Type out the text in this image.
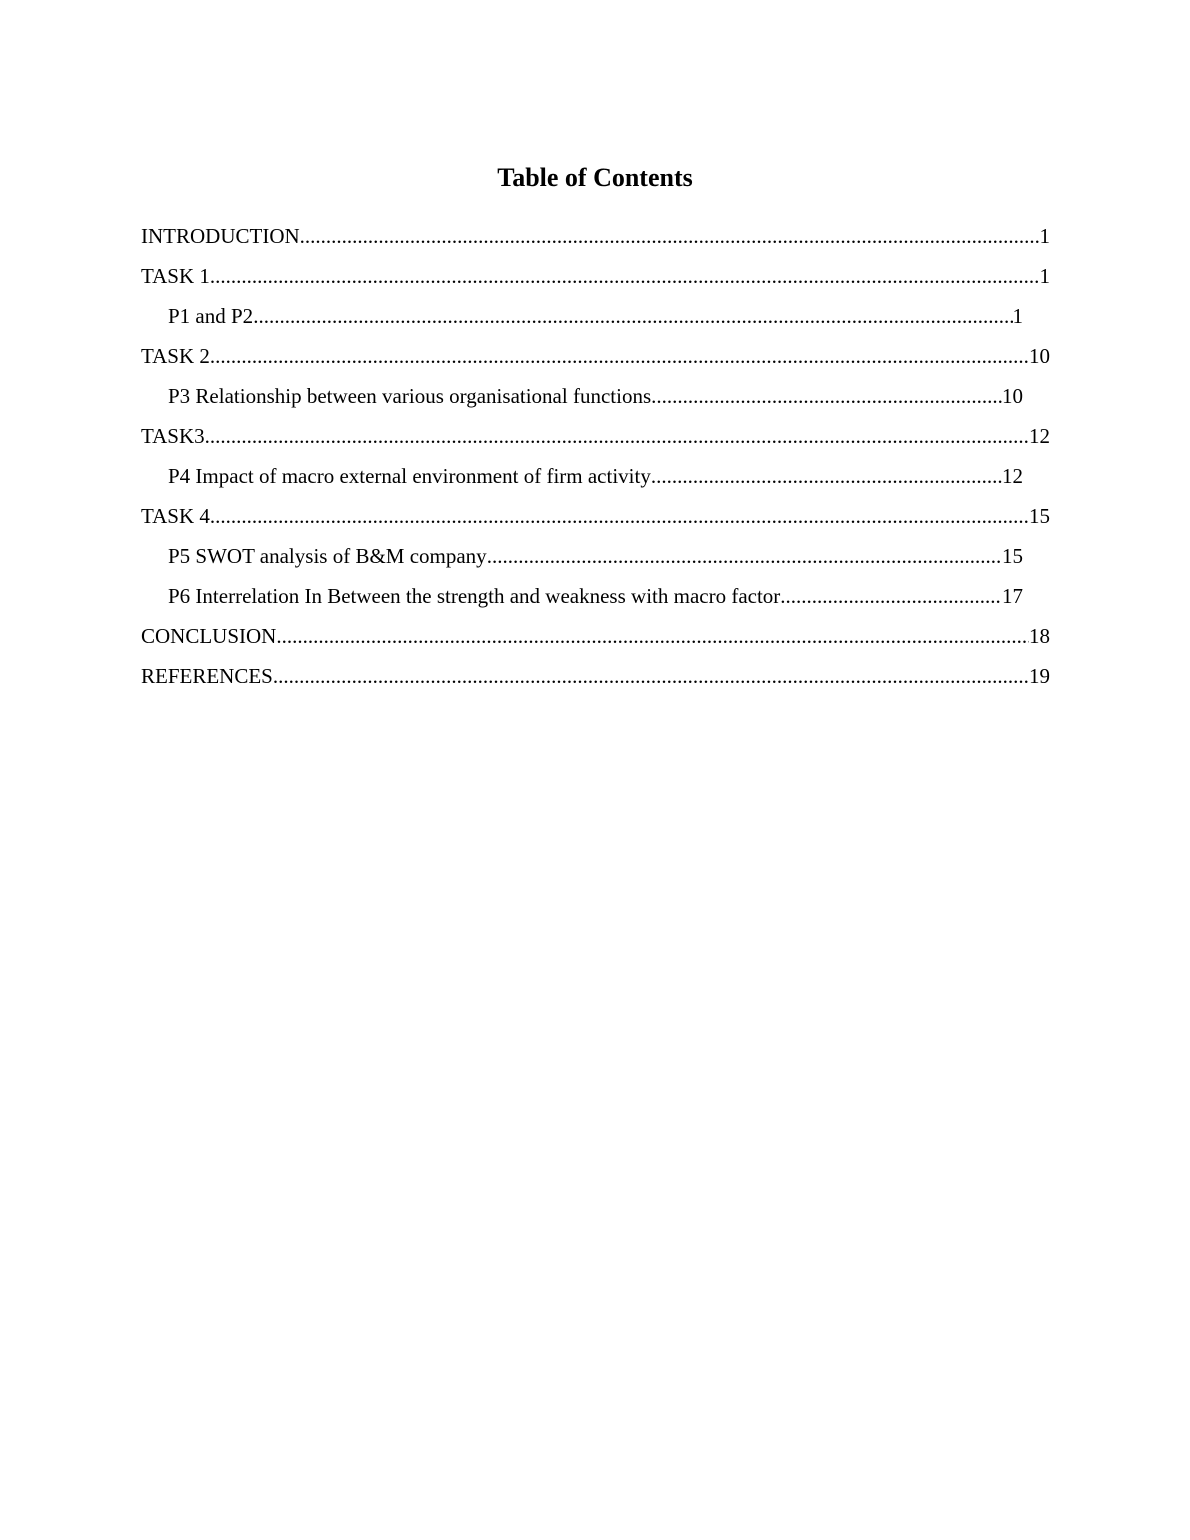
Table of Contents
INTRODUCTION .....	1
TASK 1 .....	1
P1 and P2 .....	1
TASK 2 .....	10
P3 Relationship between various organisational functions .....	10
TASK3 .....	12
P4 Impact of macro external environment of firm activity .....	12
TASK 4 .....	15
P5 SWOT analysis of B&M company .....	15
P6 Interrelation In Between the strength and weakness with macro factor .....	17
CONCLUSION .....	18
REFERENCES .....	19
